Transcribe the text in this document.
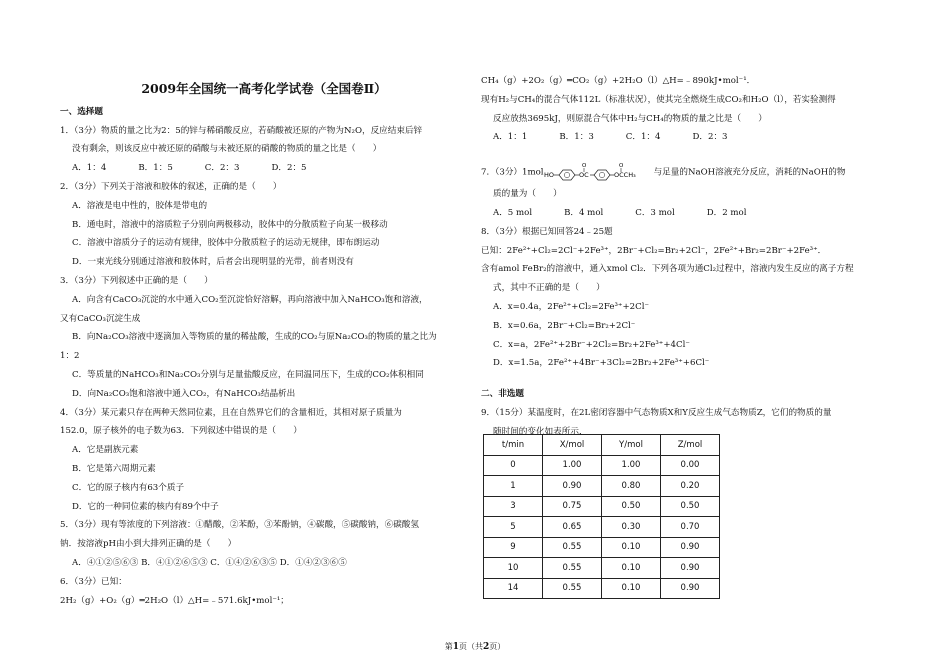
2009年全国统一高考化学试卷（全国卷Ⅱ）

一、选择题

1．（3分）物质的量之比为2：5的锌与稀硝酸反应，若硝酸被还原的产物为N₂O，反应结束后锌

没有剩余，则该反应中被还原的硝酸与未被还原的硝酸的物质的量之比是（　　）

A．1：4	B．1：5	C．2：3	D．2：5

2．（3分）下列关于溶液和胶体的叙述，正确的是（　　）

A．溶液是电中性的，胶体是带电的

B．通电时，溶液中的溶质粒子分别向两极移动，胶体中的分散质粒子向某一极移动

C．溶液中溶质分子的运动有规律，胶体中分散质粒子的运动无规律，即布朗运动

D．一束光线分别通过溶液和胶体时，后者会出现明显的光带，前者则没有

3．（3分）下列叙述中正确的是（　　）

A．向含有CaCO₃沉淀的水中通入CO₂至沉淀恰好溶解，再向溶液中加入NaHCO₃饱和溶液，

又有CaCO₃沉淀生成

B．向Na₂CO₃溶液中逐滴加入等物质的量的稀盐酸，生成的CO₂与原Na₂CO₃的物质的量之比为

1：2

C．等质量的NaHCO₃和Na₂CO₃分别与足量盐酸反应，在同温同压下，生成的CO₂体积相同

D．向Na₂CO₃饱和溶液中通入CO₂，有NaHCO₃结晶析出

4．（3分）某元素只存在两种天然同位素，且在自然界它们的含量相近，其相对原子质量为

152.0，原子核外的电子数为63．下列叙述中错误的是（　　）

A．它是副族元素

B．它是第六周期元素

C．它的原子核内有63个质子

D．它的一种同位素的核内有89个中子

5．（3分）现有等浓度的下列溶液：①醋酸，②苯酚，③苯酚钠，④碳酸，⑤碳酸钠，⑥碳酸氢

钠．按溶液pH由小到大排列正确的是（　　）

A．④①②⑤⑥③ B．④①②⑥⑤③ C．①④②⑥③⑤ D．①④②③⑥⑤

6．（3分）已知：

2H₂（g）+O₂（g）═2H₂O（l）△H=﹣571.6kJ•mol⁻¹；

CH₄（g）+2O₂（g）═CO₂（g）+2H₂O（l）△H=﹣890kJ•mol⁻¹．

现有H₂与CH₄的混合气体112L（标准状况），使其完全燃烧生成CO₂和H₂O（l），若实验测得

反应放热3695kJ，则原混合气体中H₂与CH₄的物质的量之比是（　　）

A．1：1	B．1：3	C．1：4	D．2：3

7．（3分）1mol HO	OC
O
OCCH₃
O
与足量的NaOH溶液充分反应，消耗的NaOH的物

质的量为（　　）

A．5 mol	B．4 mol	C．3 mol	D．2 mol

8．（3分）根据已知回答24﹣25题

已知：2Fe²⁺+Cl₂=2Cl⁻+2Fe³⁺，2Br⁻+Cl₂=Br₂+2Cl⁻，2Fe²⁺+Br₂=2Br⁻+2Fe³⁺．

含有amol FeBr₂的溶液中，通入xmol Cl₂．下列各项为通Cl₂过程中，溶液内发生反应的离子方程

式，其中不正确的是（　　）

A．x=0.4a，2Fe²⁺+Cl₂=2Fe³⁺+2Cl⁻

B．x=0.6a，2Br⁻+Cl₂=Br₂+2Cl⁻

C．x=a，2Fe²⁺+2Br⁻+2Cl₂=Br₂+2Fe³⁺+4Cl⁻

D．x=1.5a，2Fe²⁺+4Br⁻+3Cl₂=2Br₂+2Fe³⁺+6Cl⁻

二、非选题

9．（15分）某温度时，在2L密闭容器中气态物质X和Y反应生成气态物质Z，它们的物质的量

随时间的变化如表所示．

t/min	X/mol	Y/mol	Z/mol
0	1.00	1.00	0.00
1	0.90	0.80	0.20
3	0.75	0.50	0.50
5	0.65	0.30	0.70
9	0.55	0.10	0.90
10	0.55	0.10	0.90
14	0.55	0.10	0.90
第1页（共2页）
